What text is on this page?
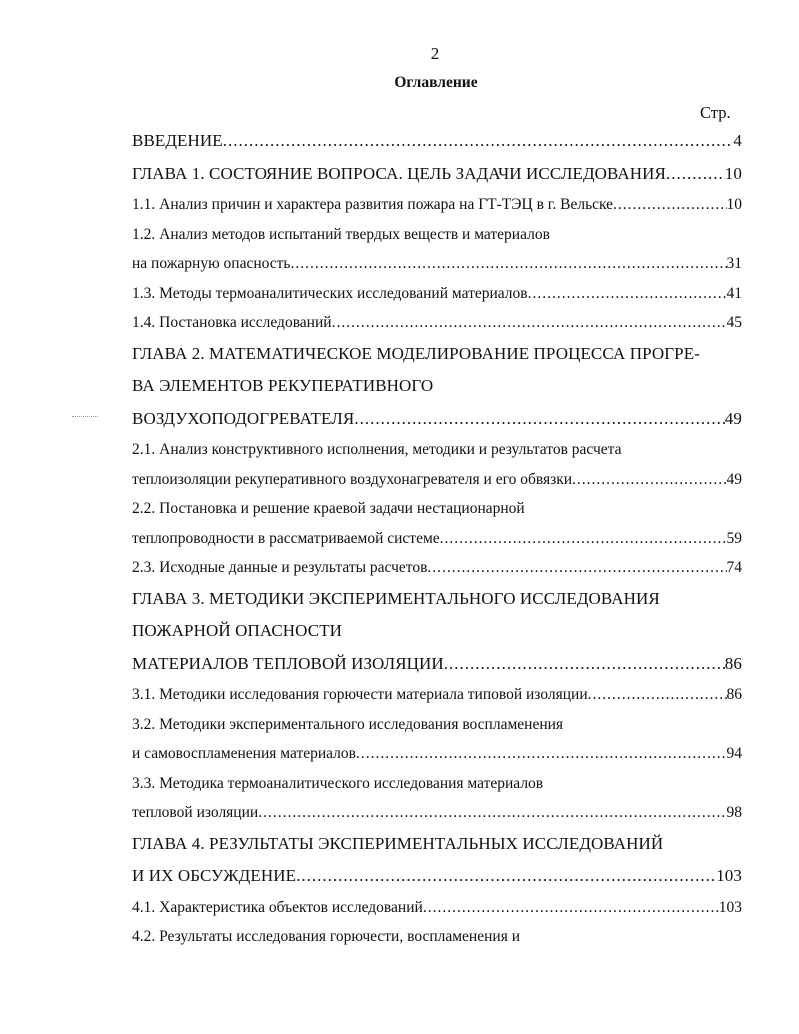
2
Оглавление
Стр.
ВВЕДЕНИЕ .....	4
ГЛАВА 1. СОСТОЯНИЕ ВОПРОСА. ЦЕЛЬ ЗАДАЧИ ИССЛЕДОВАНИЯ .....	10
1.1. Анализ причин и характера развития пожара на ГТ-ТЭЦ в г. Вельске .....	10
1.2. Анализ методов испытаний твердых веществ и материалов
на пожарную опасность .....	31
1.3. Методы термоаналитических исследований материалов .....	41
1.4. Постановка исследований .....	45
ГЛАВА 2. МАТЕМАТИЧЕСКОЕ МОДЕЛИРОВАНИЕ ПРОЦЕССА ПРОГРЕ-
ВА ЭЛЕМЕНТОВ РЕКУПЕРАТИВНОГО
ВОЗДУХОПОДОГРЕВАТЕЛЯ .....	49
2.1. Анализ конструктивного исполнения, методики и результатов расчета
теплоизоляции рекуперативного воздухонагревателя и его обвязки .....	49
2.2. Постановка и решение краевой задачи нестационарной
теплопроводности в рассматриваемой системе .....	59
2.3. Исходные данные и результаты расчетов .....	74
ГЛАВА 3. МЕТОДИКИ ЭКСПЕРИМЕНТАЛЬНОГО ИССЛЕДОВАНИЯ
ПОЖАРНОЙ ОПАСНОСТИ
МАТЕРИАЛОВ ТЕПЛОВОЙ ИЗОЛЯЦИИ .....	86
3.1. Методики исследования горючести материала типовой изоляции .....	86
3.2. Методики экспериментального исследования воспламенения
и самовоспламенения материалов .....	94
3.3. Методика термоаналитического исследования материалов
тепловой изоляции .....	98
ГЛАВА 4. РЕЗУЛЬТАТЫ ЭКСПЕРИМЕНТАЛЬНЫХ ИССЛЕДОВАНИЙ
И ИХ ОБСУЖДЕНИЕ .....	103
4.1. Характеристика объектов исследований .....	103
4.2. Результаты исследования горючести, воспламенения и
